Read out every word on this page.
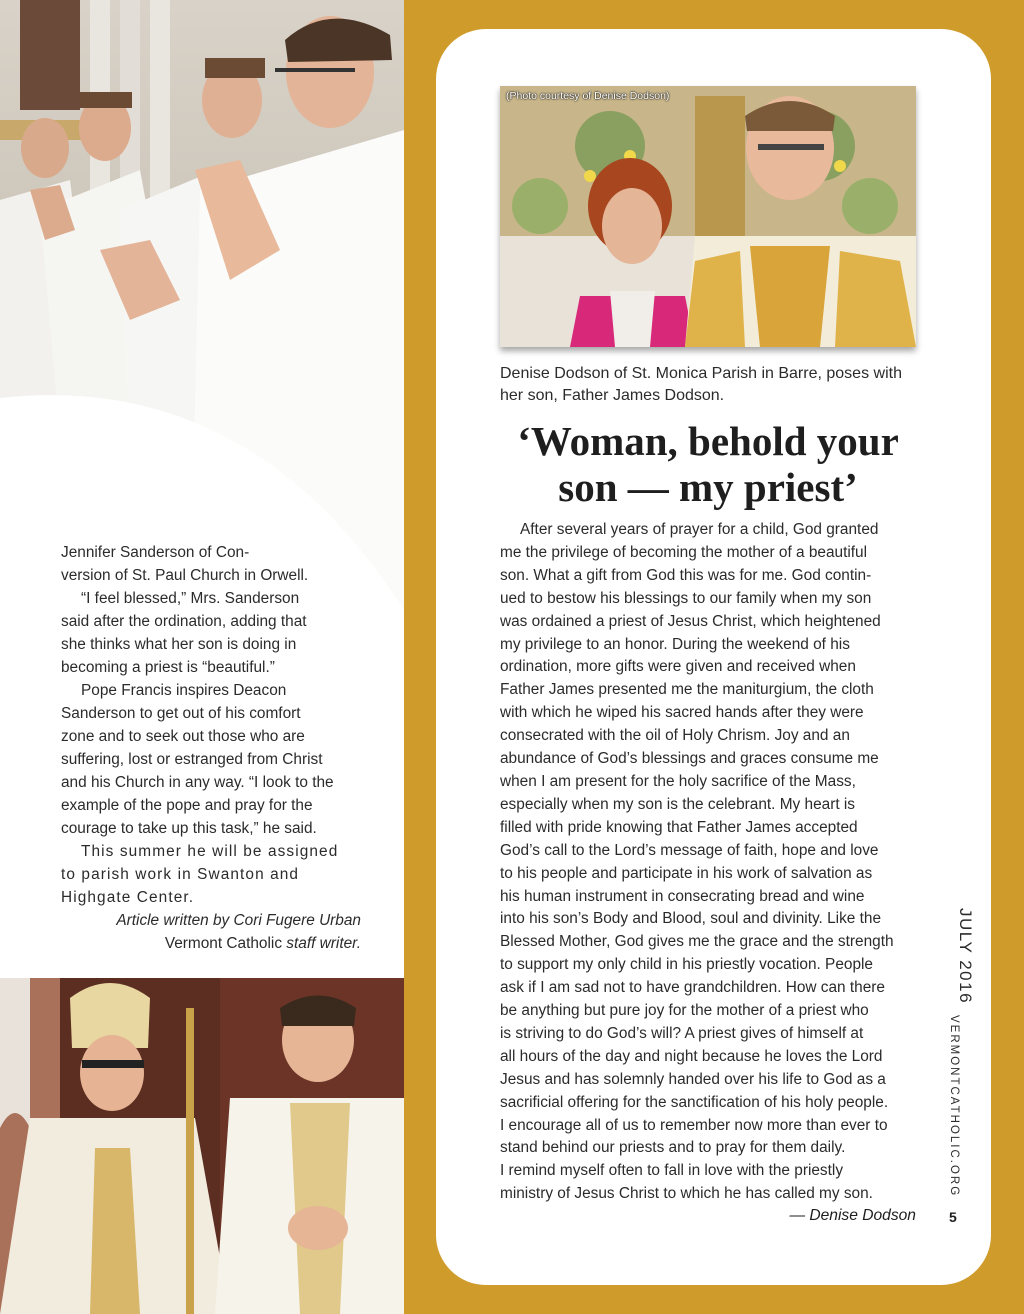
Jennifer Sanderson of Con-

version of St. Paul Church in Orwell.

“I feel blessed,” Mrs. Sanderson

said after the ordination, adding that

she thinks what her son is doing in

becoming a priest is “beautiful.”

Pope Francis inspires Deacon

Sanderson to get out of his comfort

zone and to seek out those who are

suffering, lost or estranged from Christ

and his Church in any way. “I look to the

example of the pope and pray for the

courage to take up this task,” he said.

This summer he will be assigned

to parish work in Swanton and

Highgate Center.

Article written by Cori Fugere Urban
Vermont Catholic staff writer.
(Photo courtesy of Denise Dodson)
Denise Dodson of St. Monica Parish in Barre, poses with her son, Father James Dodson.
‘Woman, behold your
son — my priest’
After several years of prayer for a child, God granted
me the privilege of becoming the mother of a beautiful
son. What a gift from God this was for me. God contin-
ued to bestow his blessings to our family when my son
was ordained a priest of Jesus Christ, which heightened
my privilege to an honor. During the weekend of his
ordination, more gifts were given and received when
Father James presented me the maniturgium, the cloth
with which he wiped his sacred hands after they were
consecrated with the oil of Holy Chrism. Joy and an
abundance of God’s blessings and graces consume me
when I am present for the holy sacrifice of the Mass,
especially when my son is the celebrant. My heart is
filled with pride knowing that Father James accepted
God’s call to the Lord’s message of faith, hope and love
to his people and participate in his work of salvation as
his human instrument in consecrating bread and wine
into his son’s Body and Blood, soul and divinity. Like the
Blessed Mother, God gives me the grace and the strength
to support my only child in his priestly vocation. People
ask if I am sad not to have grandchildren. How can there
be anything but pure joy for the mother of a priest who
is striving to do God’s will? A priest gives of himself at
all hours of the day and night because he loves the Lord
Jesus and has solemnly handed over his life to God as a
sacrificial offering for the sanctification of his holy people.
I encourage all of us to remember now more than ever to
stand behind our priests and to pray for them daily.
I remind myself often to fall in love with the priestly
ministry of Jesus Christ to which he has called my son.
— Denise Dodson
JULY 2016
VERMONTCATHOLIC.ORG
5
